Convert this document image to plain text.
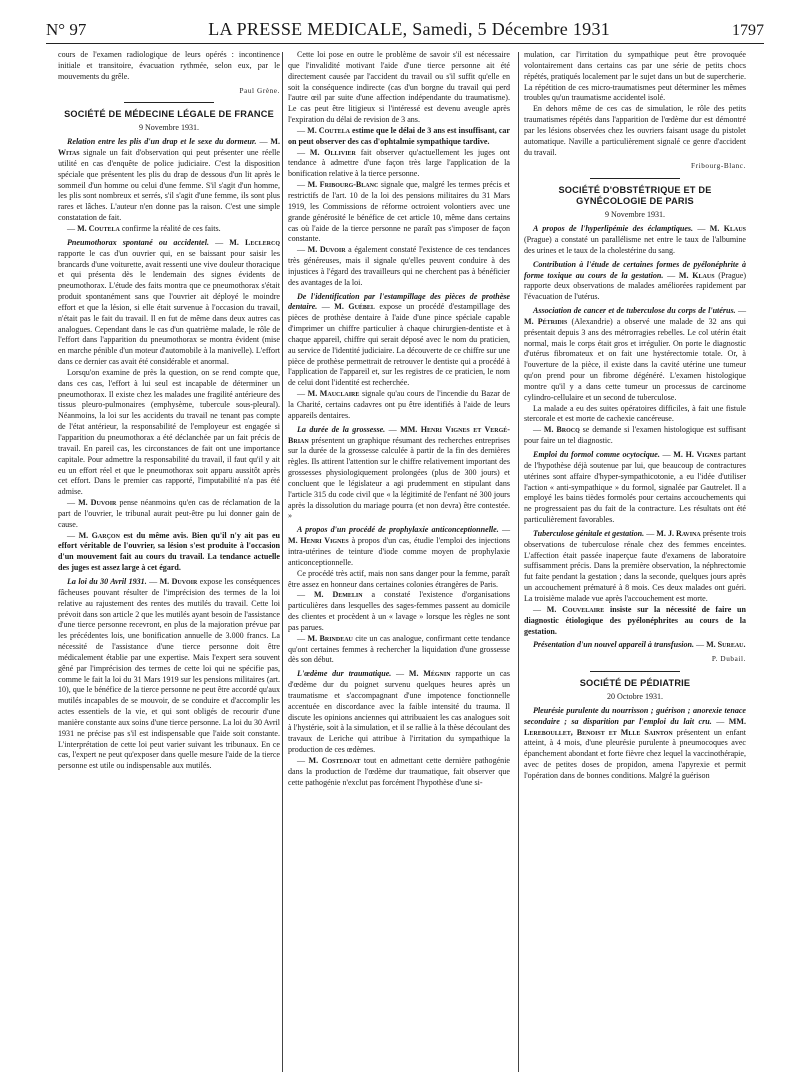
N° 97	LA PRESSE MEDICALE, Samedi, 5 Décembre 1931	1797

cours de l'examen radiologique de leurs opérés : incontinence initiale et transitoire, évacuation rythmée, selon eux, par le mouvements du grêle.

Paul Grène.
SOCIÉTÉ DE MÉDECINE LÉGALE DE FRANCE
9 Novembre 1931.

Relation entre les plis d'un drap et le sexe du dormeur. — M. Witas signale un fait d'observation qui peut présenter une réelle utilité en cas d'enquête de police judiciaire. C'est la disposition spéciale que présentent les plis du drap de dessous d'un lit après le sommeil d'un homme ou celui d'une femme. S'il s'agit d'un homme, les plis sont nombreux et serrés, s'il s'agit d'une femme, ils sont plus rares et lâches. L'auteur n'en donne pas la raison. C'est une simple constatation de fait.

— M. Coutela confirme la réalité de ces faits.

Pneumothorax spontané ou accidentel. — M. Leclercq rapporte le cas d'un ouvrier qui, en se baissant pour saisir les brancards d'une voiturette, avait ressenti une vive douleur thoracique et qui présenta dès le lendemain des signes évidents de pneumothorax. L'étude des faits montra que ce pneumothorax s'était produit spontanément sans que l'ouvrier ait déployé le moindre effort et que la lésion, si elle était survenue à l'occasion du travail, n'était pas le fait du travail. Il en fut de même dans deux autres cas analogues. Cependant dans le cas d'un quatrième malade, le rôle de l'effort dans l'apparition du pneumothorax se montra évident (mise en marche pénible d'un moteur d'automobile à la manivelle). L'effort dans ce dernier cas avait été considérable et anormal.

Lorsqu'on examine de près la question, on se rend compte que, dans ces cas, l'effort à lui seul est incapable de déterminer un pneumothorax. Il existe chez les malades une fragilité antérieure des tissus pleuro-pulmonaires (emphysème, tubercule sous-pleural). Néanmoins, la loi sur les accidents du travail ne tenant pas compte de l'état antérieur, la responsabilité de l'employeur est engagée si l'apparition du pneumothorax a été déclanchée par un fait précis de travail. En pareil cas, les circonstances de fait ont une importance capitale. Pour admettre la responsabilité du travail, il faut qu'il y ait eu un effort réel et que le pneumothorax soit apparu aussitôt après cet effort. Dans le premier cas rapporté, l'imputabilité n'a pas été admise.

— M. Duvoir pense néanmoins qu'en cas de réclamation de la part de l'ouvrier, le tribunal aurait peut-être pu lui donner gain de cause.

— M. Garçon est du même avis. Bien qu'il n'y ait pas eu effort véritable de l'ouvrier, sa lésion s'est produite à l'occasion d'un mouvement fait au cours du travail. La tendance actuelle des juges est assez large à cet égard.

La loi du 30 Avril 1931. — M. Duvoir expose les conséquences fâcheuses pouvant résulter de l'imprécision des termes de la loi relative au rajustement des rentes des mutilés du travail. Cette loi prévoit dans son article 2 que les mutilés ayant besoin de l'assistance d'une tierce personne recevront, en plus de la majoration prévue par les précédentes lois, une bonification annuelle de 3.000 francs. La nécessité de l'assistance d'une tierce personne doit être médicalement établie par une expertise. Mais l'expert sera souvent gêné par l'imprécision des termes de cette loi qui ne spécifie pas, comme le fait la loi du 31 Mars 1919 sur les pensions militaires (art. 10), que le bénéfice de la tierce personne ne peut être accordé qu'aux mutilés incapables de se mouvoir, de se conduire et d'accomplir les actes essentiels de la vie, et qui sont obligés de recourir d'une manière constante aux soins d'une tierce personne. La loi du 30 Avril 1931 ne précise pas s'il est indispensable que l'aide soit constante. L'interprétation de cette loi peut varier suivant les tribunaux. En ce cas, l'expert ne peut qu'exposer dans quelle mesure l'aide de la tierce personne est utile ou indispensable aux mutilés.

Cette loi pose en outre le problème de savoir s'il est nécessaire que l'invalidité motivant l'aide d'une tierce personne ait été directement causée par l'accident du travail ou s'il suffit qu'elle en soit la conséquence indirecte (cas d'un borgne du travail qui perd l'autre œil par suite d'une affection indépendante du traumatisme). Le cas peut être litigieux si l'intéressé est devenu aveugle après l'expiration du délai de revision de 3 ans.

— M. Coutela estime que le délai de 3 ans est insuffisant, car on peut observer des cas d'ophtalmie sympathique tardive.

— M. Ollivier fait observer qu'actuellement les juges ont tendance à admettre d'une façon très large l'application de la bonification relative à la tierce personne.

— M. Fribourg-Blanc signale que, malgré les termes précis et restrictifs de l'art. 10 de la loi des pensions militaires du 31 Mars 1919, les Commissions de réforme octroient volontiers avec une grande générosité le bénéfice de cet article 10, même dans certains cas où l'aide de la tierce personne ne paraît pas s'imposer de façon constante.

— M. Duvoir a également constaté l'existence de ces tendances très généreuses, mais il signale qu'elles peuvent conduire à des injustices à l'égard des travailleurs qui ne cherchent pas à bénéficier des avantages de la loi.

De l'identification par l'estampillage des pièces de prothèse dentaire. — M. Guébel expose un procédé d'estampillage des pièces de prothèse dentaire à l'aide d'une pince spéciale capable d'imprimer un chiffre particulier à chaque chirurgien-dentiste et à chaque appareil, chiffre qui serait déposé avec le nom du praticien, au service de l'identité judiciaire. La découverte de ce chiffre sur une pièce de prothèse permettrait de retrouver le dentiste qui a procédé à l'application de l'appareil et, sur les registres de ce praticien, le nom de celui dont l'identité est recherchée.

— M. Mauclaire signale qu'au cours de l'incendie du Bazar de la Charité, certains cadavres ont pu être identifiés à l'aide de leurs appareils dentaires.

La durée de la grossesse. — MM. Henri Vignes et Vergé-Brian présentent un graphique résumant des recherches entreprises sur la durée de la grossesse calculée à partir de la fin des dernières règles. Ils attirent l'attention sur le chiffre relativement important des grossesses physiologiquement prolongées (plus de 300 jours) et concluent que le législateur a agi prudemment en stipulant dans l'article 315 du code civil que « la légitimité de l'enfant né 300 jours après la dissolution du mariage pourra (et non devra) être contestée. »

A propos d'un procédé de prophylaxie anticonceptionnelle. — M. Henri Vignes à propos d'un cas, étudie l'emploi des injections intra-utérines de teinture d'iode comme moyen de prophylaxie anticonceptionnelle.

Ce procédé très actif, mais non sans danger pour la femme, paraît être assez en honneur dans certaines colonies étrangères de Paris.

— M. Demelin a constaté l'existence d'organisations particulières dans lesquelles des sages-femmes passent au domicile des clientes et procèdent à un « lavage » lorsque les règles ne sont pas parues.

— M. Brindeau cite un cas analogue, confirmant cette tendance qu'ont certaines femmes à rechercher la liquidation d'une grossesse dès son début.

L'œdème dur traumatique. — M. Mégnin rapporte un cas d'œdème dur du poignet survenu quelques heures après un traumatisme et s'accompagnant d'une impotence fonctionnelle accentuée en discordance avec la faible intensité du trauma. Il discute les opinions anciennes qui attribuaient les cas analogues soit à l'hystérie, soit à la simulation, et il se rallie à la thèse découlant des travaux de Leriche qui attribue à l'irritation du sympathique la production de ces œdèmes.

— M. Costedoat tout en admettant cette dernière pathogénie dans la production de l'œdème dur traumatique, fait observer que cette pathogénie n'exclut pas forcément l'hypothèse d'une si-

mulation, car l'irritation du sympathique peut être provoquée volontairement dans certains cas par une série de petits chocs répétés, pratiqués localement par le sujet dans un but de supercherie. La répétition de ces micro-traumatismes peut déterminer les mêmes troubles qu'un traumatisme accidentel isolé.

En dehors même de ces cas de simulation, le rôle des petits traumatismes répétés dans l'apparition de l'œdème dur est démontré par les lésions observées chez les ouvriers faisant usage du pistolet automatique. Naville a particulièrement signalé ce genre d'accident du travail.

Fribourg-Blanc.
SOCIÉTÉ D'OBSTÉTRIQUE ET DE GYNÉCOLOGIE DE PARIS
9 Novembre 1931.

A propos de l'hyperlipémie des éclamptiques. — M. Klaus (Prague) a constaté un parallélisme net entre le taux de l'albumine des urines et le taux de la cholestérine du sang.

Contribution à l'étude de certaines formes de pyélonéphrite à forme toxique au cours de la gestation. — M. Klaus (Prague) rapporte deux observations de malades améliorées rapidement par l'évacuation de l'utérus.

Association de cancer et de tuberculose du corps de l'utérus. — M. Pétridis (Alexandrie) a observé une malade de 32 ans qui présentait depuis 3 ans des métrorragies rebelles. Le col utérin était normal, mais le corps était gros et irrégulier. On porte le diagnostic d'utérus fibromateux et on fait une hystérectomie totale. Or, à l'ouverture de la pièce, il existe dans la cavité utérine une tumeur qu'on prend pour un fibrome dégénéré. L'examen histologique montre qu'il y a dans cette tumeur un processus de carcinome cylindro-cellulaire et un second de tuberculose.

La malade a eu des suites opératoires difficiles, à fait une fistule stercorale et est morte de cachexie cancéreuse.

— M. Brocq se demande si l'examen histologique est suffisant pour faire un tel diagnostic.

Emploi du formol comme ocytocique. — M. H. Vignes partant de l'hypothèse déjà soutenue par lui, que beaucoup de contractures utérines sont affaire d'hyper-sympathicotonie, a eu l'idée d'utiliser l'action « anti-sympathique » du formol, signalée par Gautrelet. Il a employé les bains tièdes formolés pour certains accouchements qui ne progressaient pas du fait de la contracture. Les résultats ont été particulièrement favorables.

Tuberculose génitale et gestation. — M. J. Ravina présente trois observations de tuberculose rénale chez des femmes enceintes. L'affection était passée inaperçue faute d'examens de laboratoire suffisamment précis. Dans la première observation, la néphrectomie fut faite pendant la gestation ; dans la seconde, quelques jours après un accouchement prématuré à 8 mois. Ces deux malades ont guéri. La troisième malade vue après l'accouchement est morte.

— M. Couvelaire insiste sur la nécessité de faire un diagnostic étiologique des pyélonéphrites au cours de la gestation.

Présentation d'un nouvel appareil à transfusion. — M. Sureau.

P. Dubail.
SOCIÉTÉ DE PÉDIATRIE
20 Octobre 1931.

Pleurésie purulente du nourrisson ; guérison ; anorexie tenace secondaire ; sa disparition par l'emploi du lait cru. — MM. Lereboullet, Benoist et Mlle Sainton présentent un enfant atteint, à 4 mois, d'une pleurésie purulente à pneumocoques avec épanchement abondant et forte fièvre chez lequel la vaccinothérapie, avec de petites doses de propidon, amena l'apyrexie et permit l'opération dans de bonnes conditions. Malgré la guérison
